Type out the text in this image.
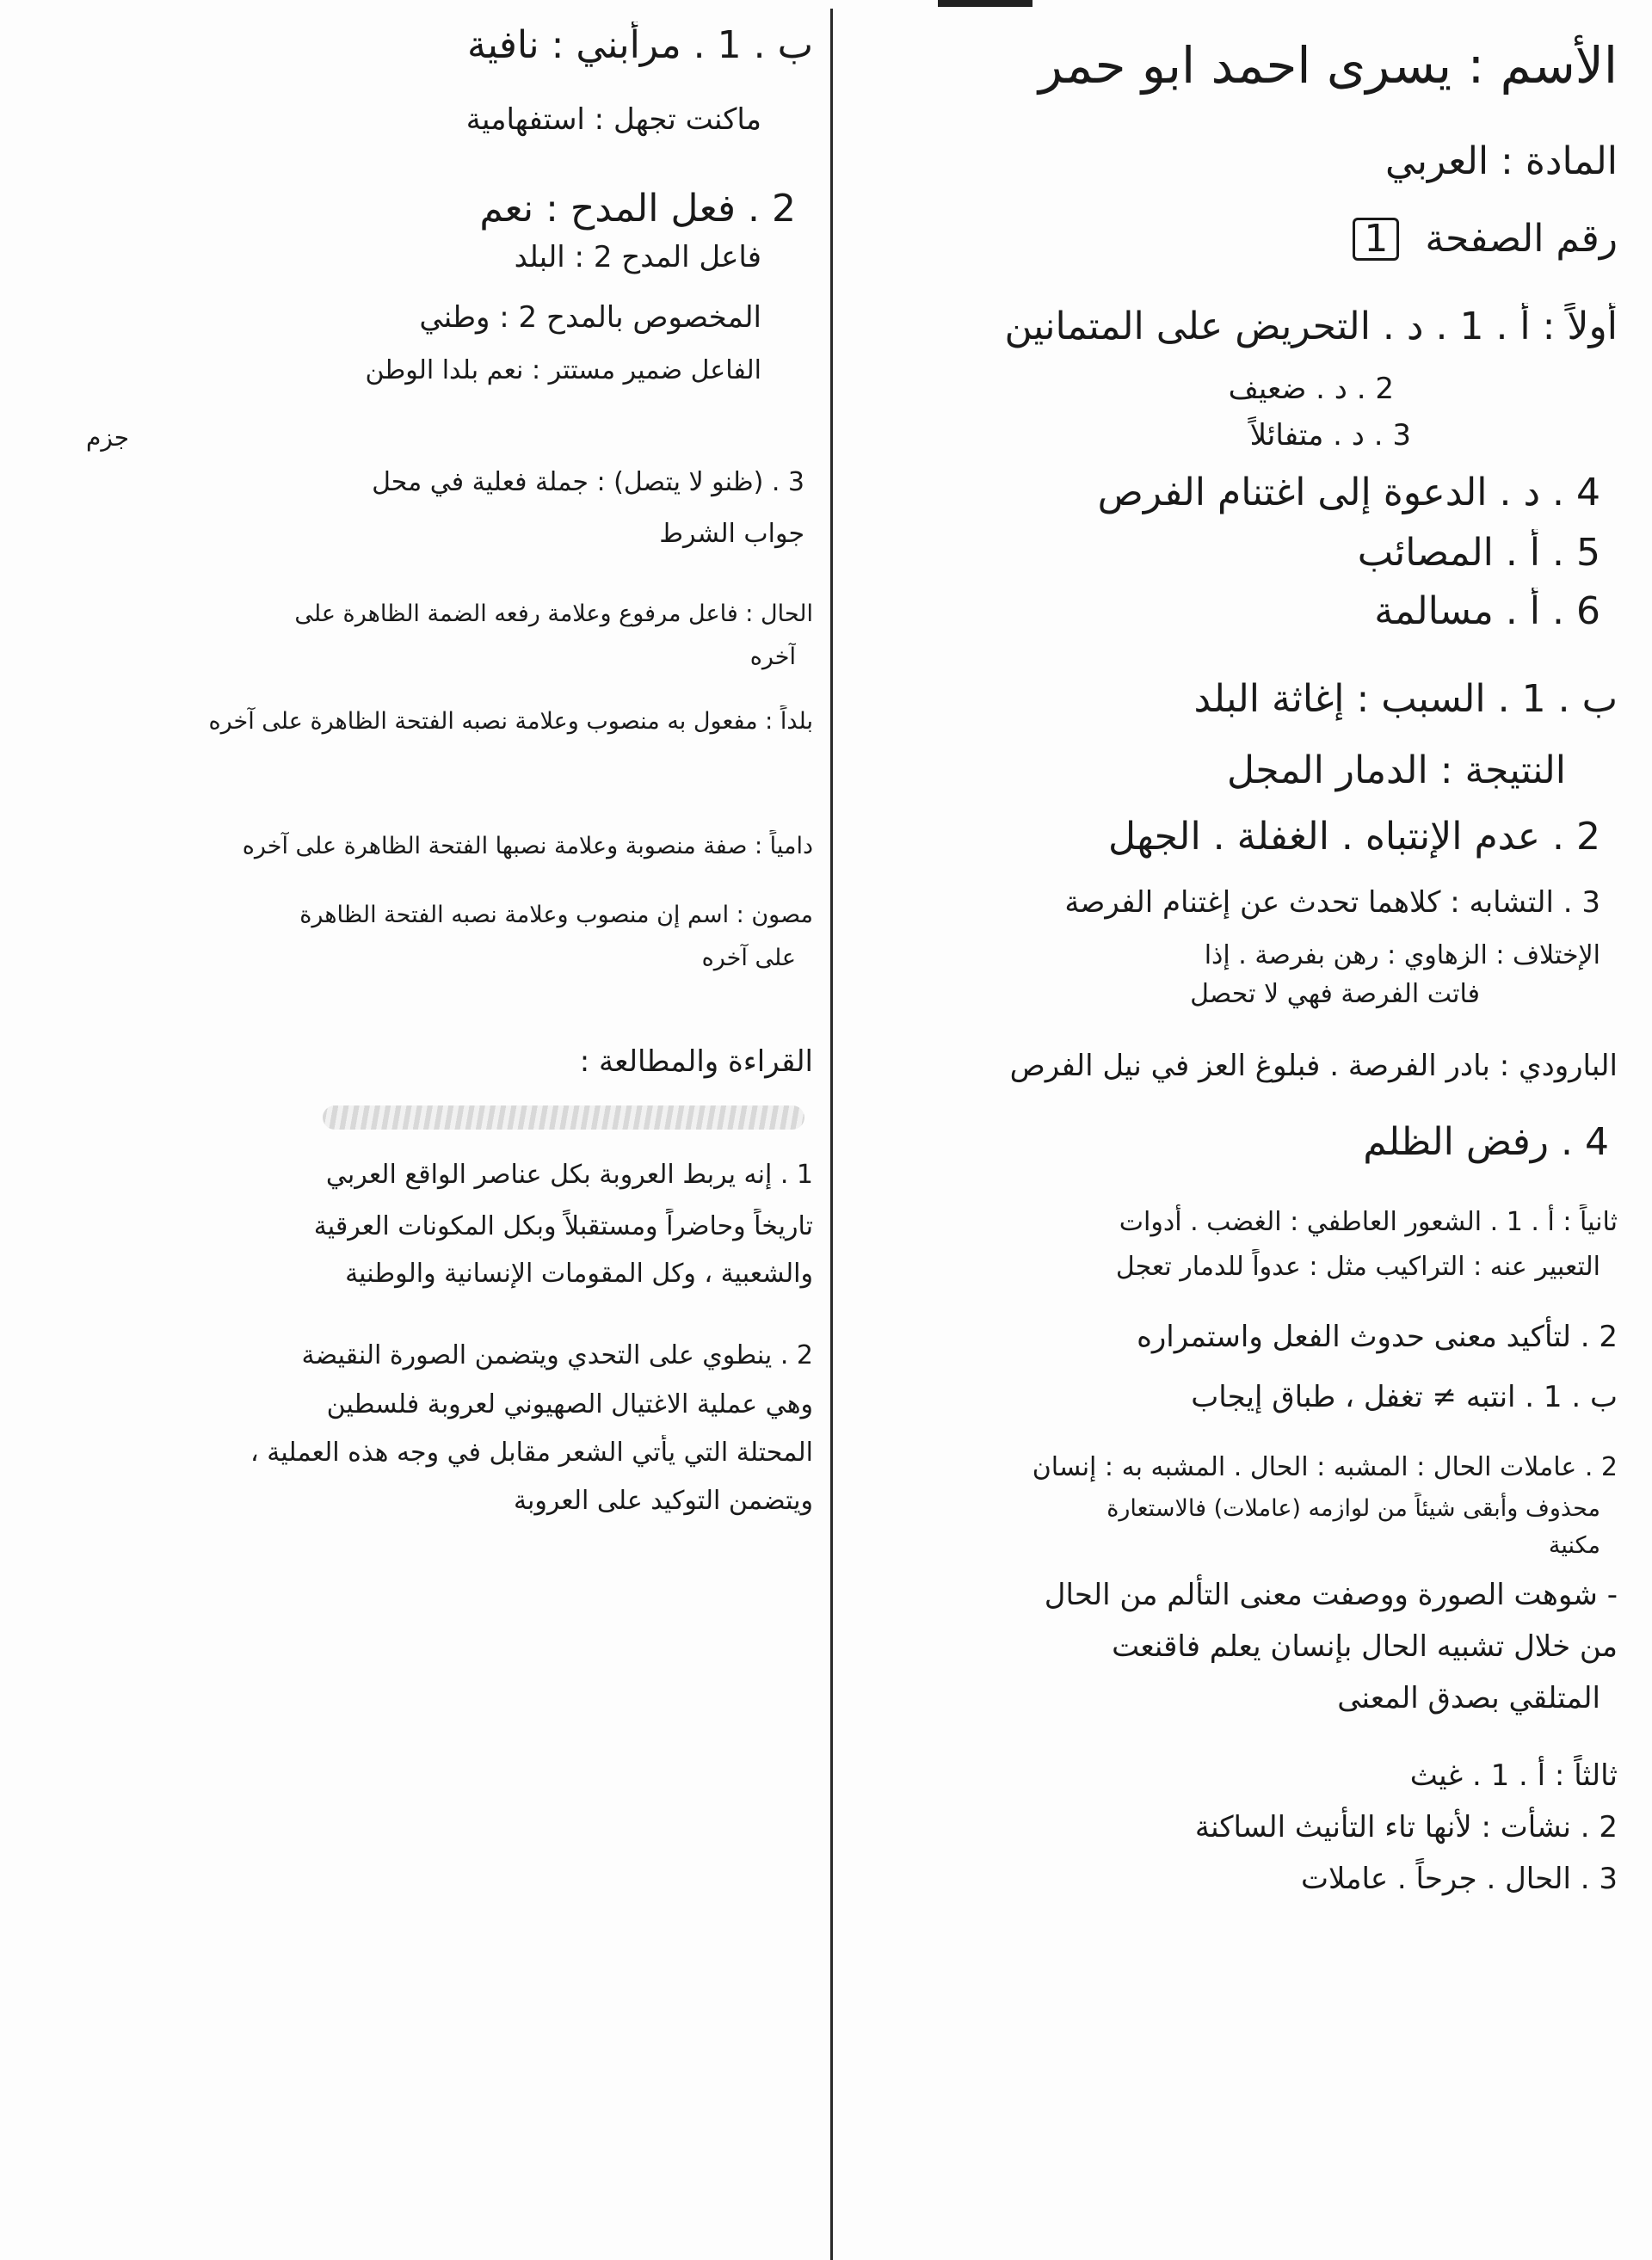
الأسم : يسرى احمد ابو حمر
المادة : العربي
رقم الصفحة 1
أولاً : أ . 1 . د . التحريض على المتمانين
2 . د . ضعيف
3 . د . متفائلاً
4 . د . الدعوة إلى اغتنام الفرص
5 . أ . المصائب
6 . أ . مسالمة
ب . 1 . السبب : إغاثة البلد
النتيجة : الدمار المجل
2 . عدم الإنتباه . الغفلة . الجهل
3 . التشابه : كلاهما تحدث عن إغتنام الفرصة
الإختلاف : الزهاوي : رهن بفرصة . إذا
فاتت الفرصة فهي لا تحصل
البارودي : بادر الفرصة . فبلوغ العز في نيل الفرص
4 . رفض الظلم
ثانياً : أ . 1 . الشعور العاطفي : الغضب . أدوات
التعبير عنه : التراكيب مثل : عدواً للدمار تعجل
2 . لتأكيد معنى حدوث الفعل واستمراره
ب . 1 . انتبه ≠ تغفل ، طباق إيجاب
2 . عاملات الحال : المشبه : الحال . المشبه به : إنسان
محذوف وأبقى شيئاً من لوازمه (عاملات) فالاستعارة
مكنية
- شوهت الصورة ووصفت معنى التألم من الحال
من خلال تشبيه الحال بإنسان يعلم فاقنعت
المتلقي بصدق المعنى
ثالثاً : أ . 1 . غيث
2 . نشأت : لأنها تاء التأنيث الساكنة
3 . الحال . جرحاً . عاملات
ب . 1 . مرأبني : نافية
ماكنت تجهل : استفهامية
2 . فعل المدح : نعم
فاعل المدح 2 : البلد
المخصوص بالمدح 2 : وطني
الفاعل ضمير مستتر : نعم بلدا الوطن
جزم
3 . (ظنو لا يتصل) : جملة فعلية في محل
جواب الشرط
الحال : فاعل مرفوع وعلامة رفعه الضمة الظاهرة على
آخره
بلداً : مفعول به منصوب وعلامة نصبه الفتحة الظاهرة على آخره
دامياً : صفة منصوبة وعلامة نصبها الفتحة الظاهرة على آخره
مصون : اسم إن منصوب وعلامة نصبه الفتحة الظاهرة
على آخره
القراءة والمطالعة :
1 . إنه يربط العروبة بكل عناصر الواقع العربي
تاريخاً وحاضراً ومستقبلاً وبكل المكونات العرقية
والشعبية ، وكل المقومات الإنسانية والوطنية
2 . ينطوي على التحدي ويتضمن الصورة النقيضة
وهي عملية الاغتيال الصهيوني لعروبة فلسطين
المحتلة التي يأتي الشعر مقابل في وجه هذه العملية ،
ويتضمن التوكيد على العروبة
